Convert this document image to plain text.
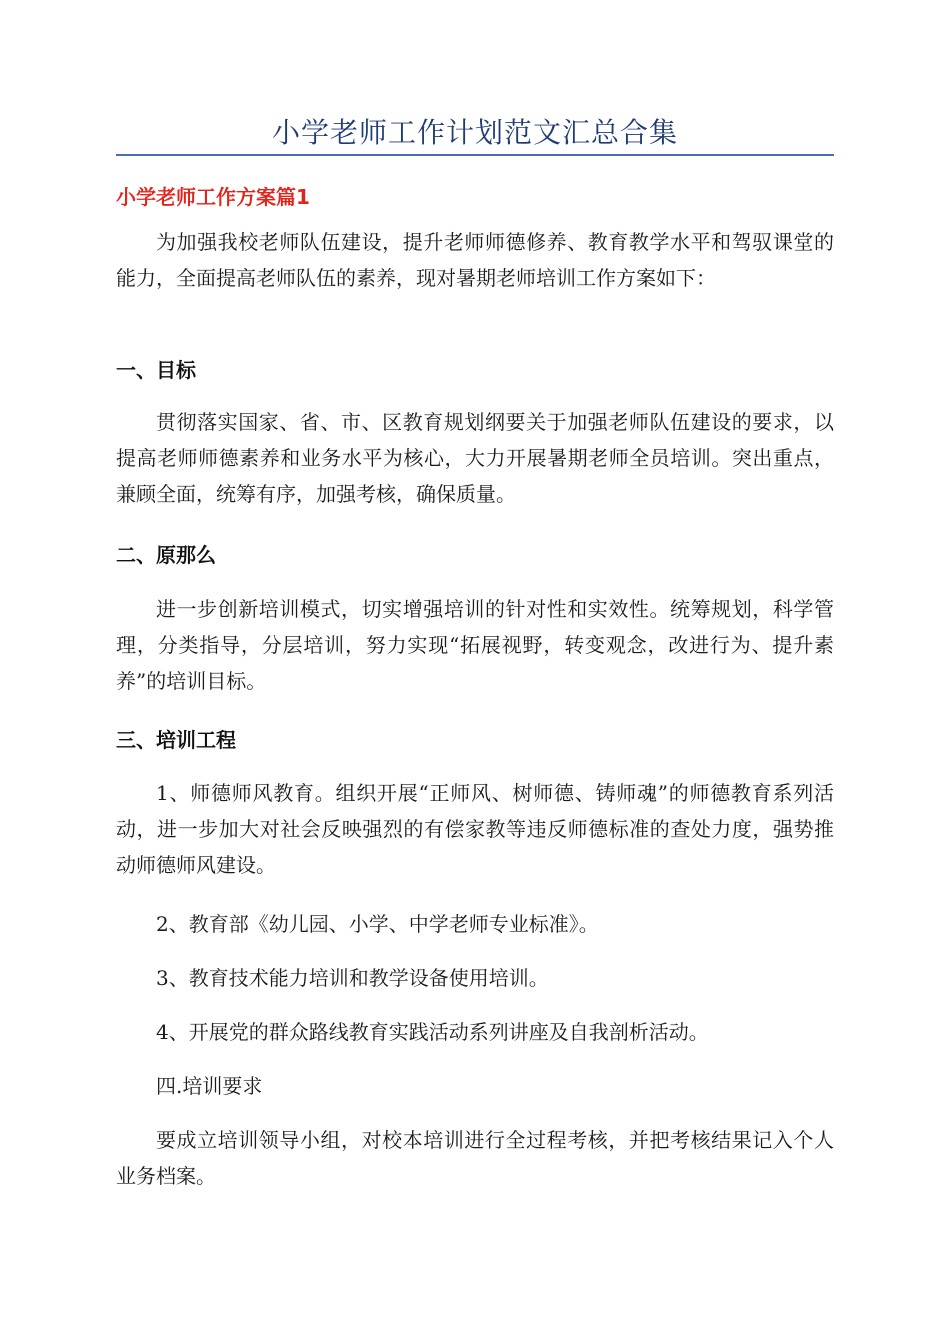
小学老师工作计划范文汇总合集
小学老师工作方案篇1

为加强我校老师队伍建设，提升老师师德修养、教育教学水平和驾驭课堂的能力，全面提高老师队伍的素养，现对暑期老师培训工作方案如下：

一、目标

贯彻落实国家、省、市、区教育规划纲要关于加强老师队伍建设的要求，以提高老师师德素养和业务水平为核心，大力开展暑期老师全员培训。突出重点，兼顾全面，统筹有序，加强考核，确保质量。

二、原那么

进一步创新培训模式，切实增强培训的针对性和实效性。统筹规划，科学管理，分类指导，分层培训，努力实现“拓展视野，转变观念，改进行为、提升素养”的培训目标。

三、培训工程

1、师德师风教育。组织开展“正师风、树师德、铸师魂”的师德教育系列活动，进一步加大对社会反映强烈的有偿家教等违反师德标准的查处力度，强势推动师德师风建设。

2、教育部《幼儿园、小学、中学老师专业标准》。

3、教育技术能力培训和教学设备使用培训。

4、开展党的群众路线教育实践活动系列讲座及自我剖析活动。

四.培训要求

要成立培训领导小组，对校本培训进行全过程考核，并把考核结果记入个人业务档案。
